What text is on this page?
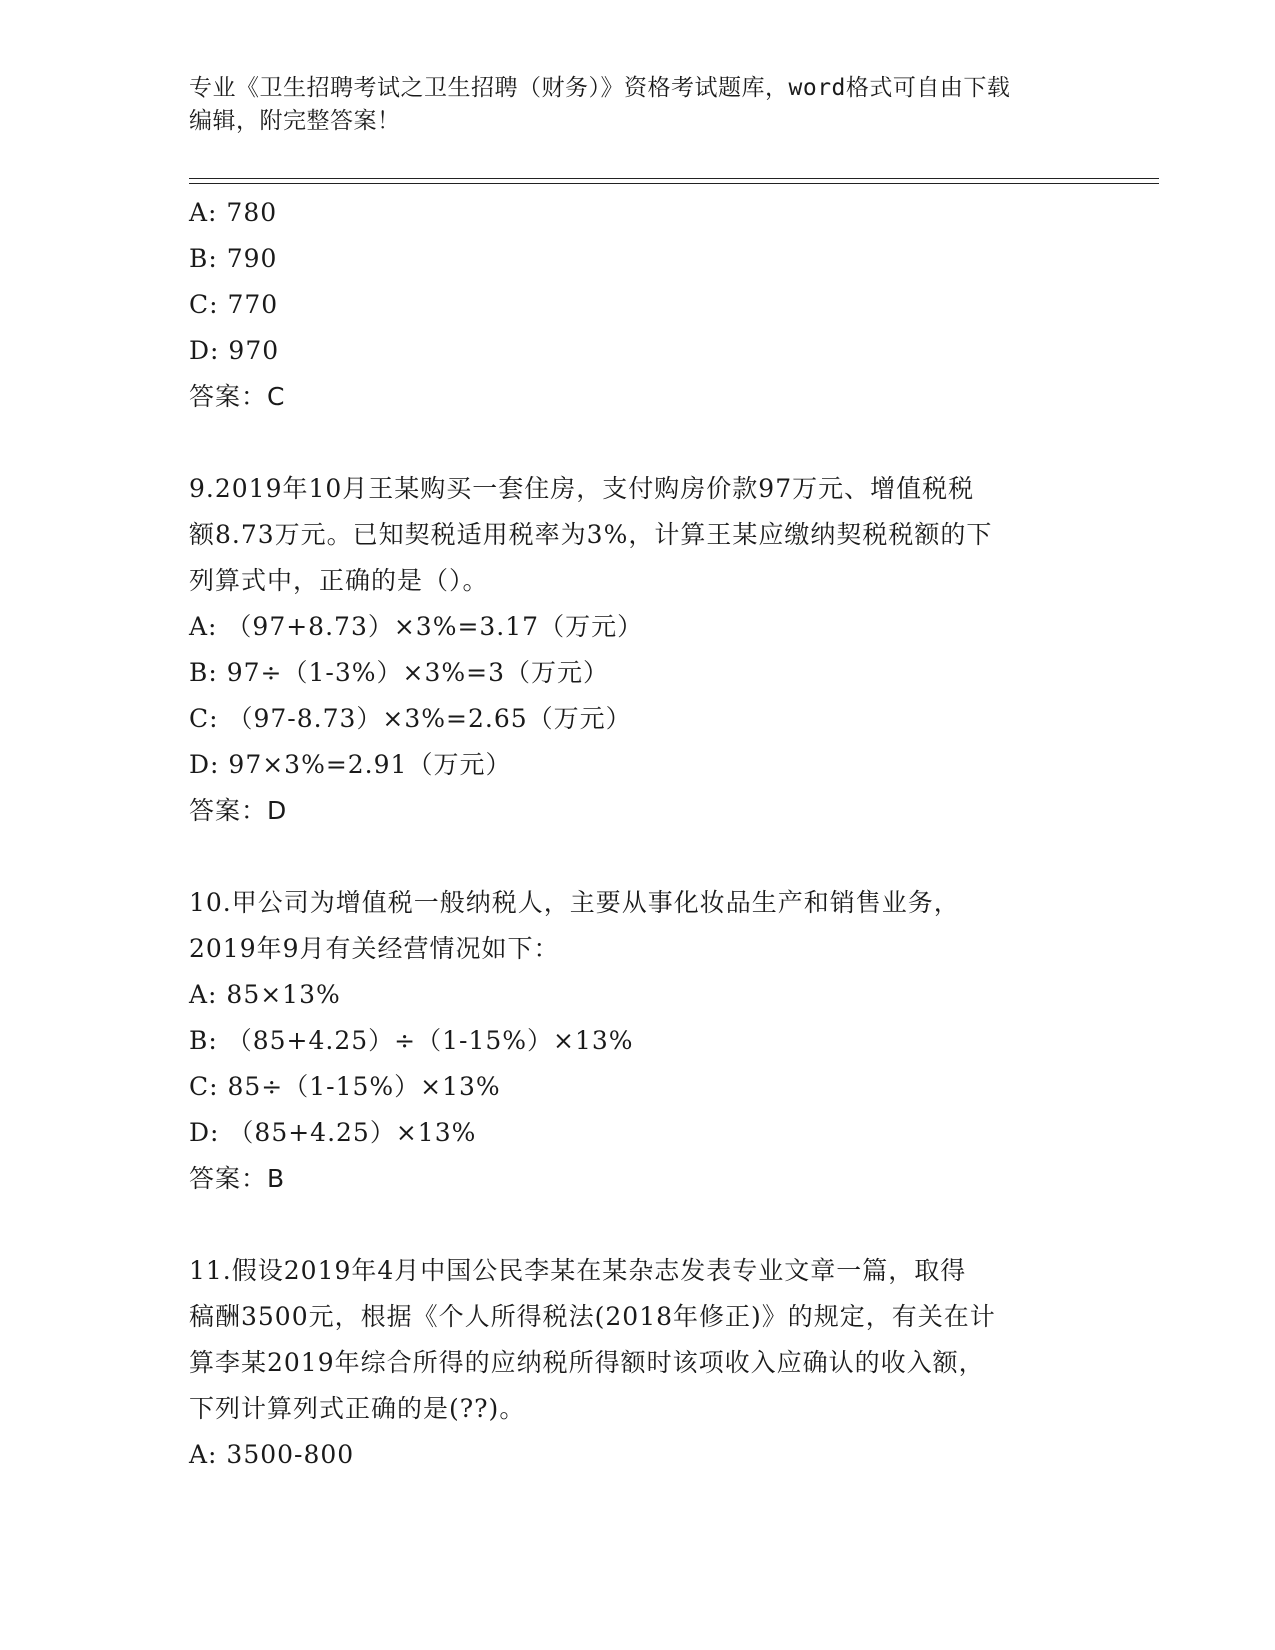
专业《卫生招聘考试之卫生招聘（财务）》资格考试题库，word格式可自由下载
编辑，附完整答案！
A: 780
B: 790
C: 770
D: 970
答案：C
9.2019年10月王某购买一套住房，支付购房价款97万元、增值税税
额8.73万元。已知契税适用税率为3%，计算王某应缴纳契税税额的下
列算式中，正确的是（）。
A: （97+8.73）×3%=3.17（万元）
B: 97÷（1-3%）×3%=3（万元）
C: （97-8.73）×3%=2.65（万元）
D: 97×3%=2.91（万元）
答案：D
10.甲公司为增值税一般纳税人，主要从事化妆品生产和销售业务，
2019年9月有关经营情况如下：
A: 85×13%
B: （85+4.25）÷（1-15%）×13%
C: 85÷（1-15%）×13%
D: （85+4.25）×13%
答案：B
11.假设2019年4月中国公民李某在某杂志发表专业文章一篇，取得
稿酬3500元，根据《个人所得税法(2018年修正)》的规定，有关在计
算李某2019年综合所得的应纳税所得额时该项收入应确认的收入额，
下列计算列式正确的是(??)。
A: 3500-800
